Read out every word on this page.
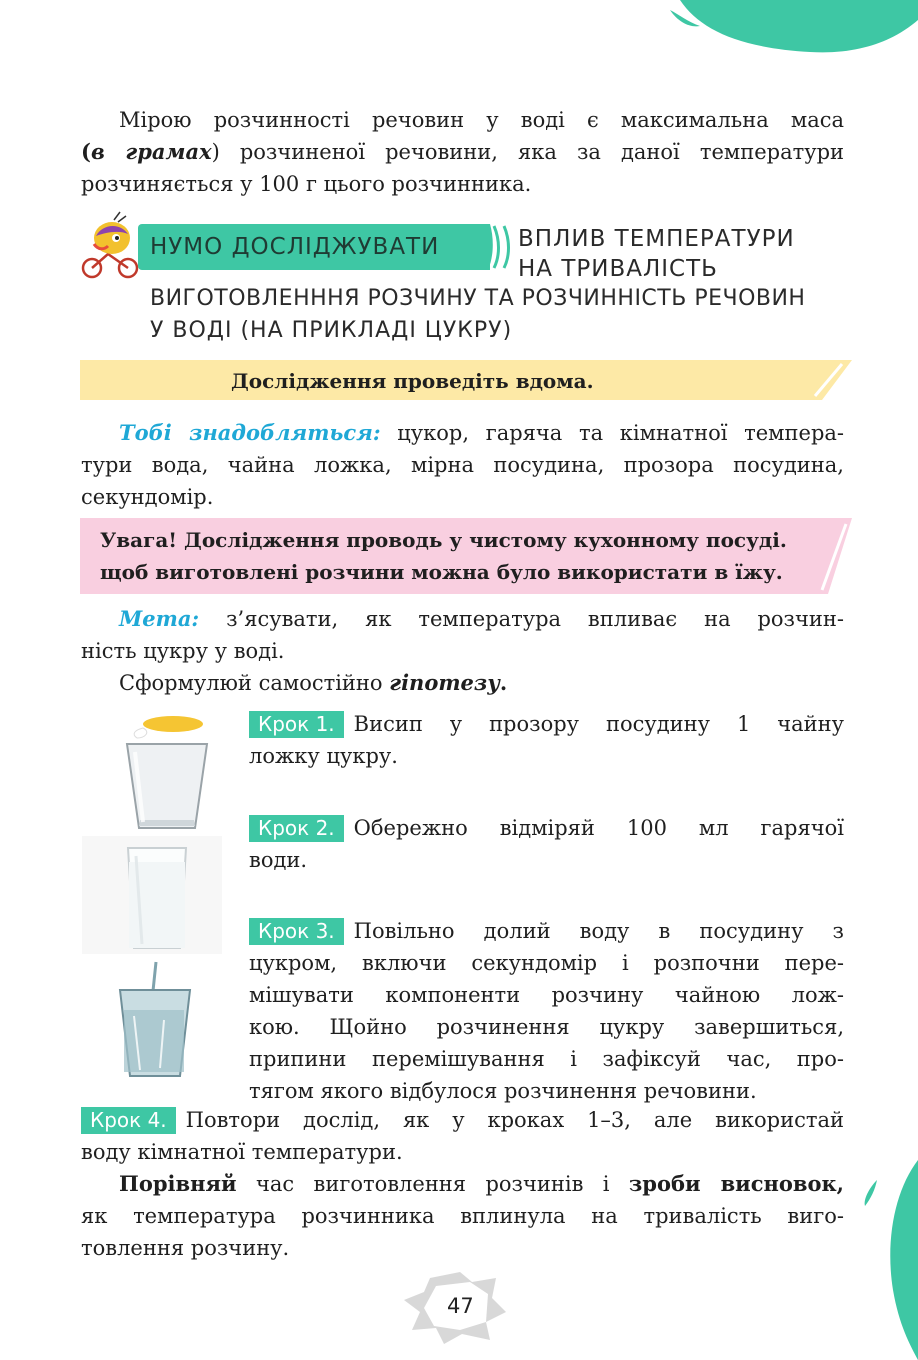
Мірою розчинності речовин у воді є максимальна маса
(в грамах) розчиненої речовини, яка за даної температури
розчиняється у 100 г цього розчинника.
НУМО ДОСЛІДЖУВАТИ	ВПЛИВ ТЕМПЕРАТУРИ
НА ТРИВАЛІСТЬ
ВИГОТОВЛЕНННЯ РОЗЧИНУ ТА РОЗЧИННІСТЬ РЕЧОВИН
У ВОДІ (НА ПРИКЛАДІ ЦУКРУ)
Дослідження проведіть вдома.
Тобі знадобляться: цукор, гаряча та кімнатної темпера-
тури вода, чайна ложка, мірна посудина, прозора посудина,
секундомір.
Увага! Дослідження проводь у чистому кухонному посуді.
щоб виготовлені розчини можна було використати в їжу.
Мета: з’ясувати, як температура впливає на розчин-
ність цукру у воді.
Сформулюй самостійно гіпотезу.
Крок 1. Висип у прозору посудину 1 чайну
ложку цукру.
Крок 2. Обережно відміряй 100 мл гарячої
води.
Крок 3. Повільно долий воду в посудину з
цукром, включи секундомір і розпочни пере-
мішувати компоненти розчину чайною лож-
кою. Щойно розчинення цукру завершиться,
припини перемішування і зафіксуй час, про-
тягом якого відбулося розчинення речовини.
Крок 4. Повтори дослід, як у кроках 1–3, але використай
воду кімнатної температури.
Порівняй час виготовлення розчинів і зроби висновок,
як температура розчинника вплинула на тривалість виго-
товлення розчину.
47
